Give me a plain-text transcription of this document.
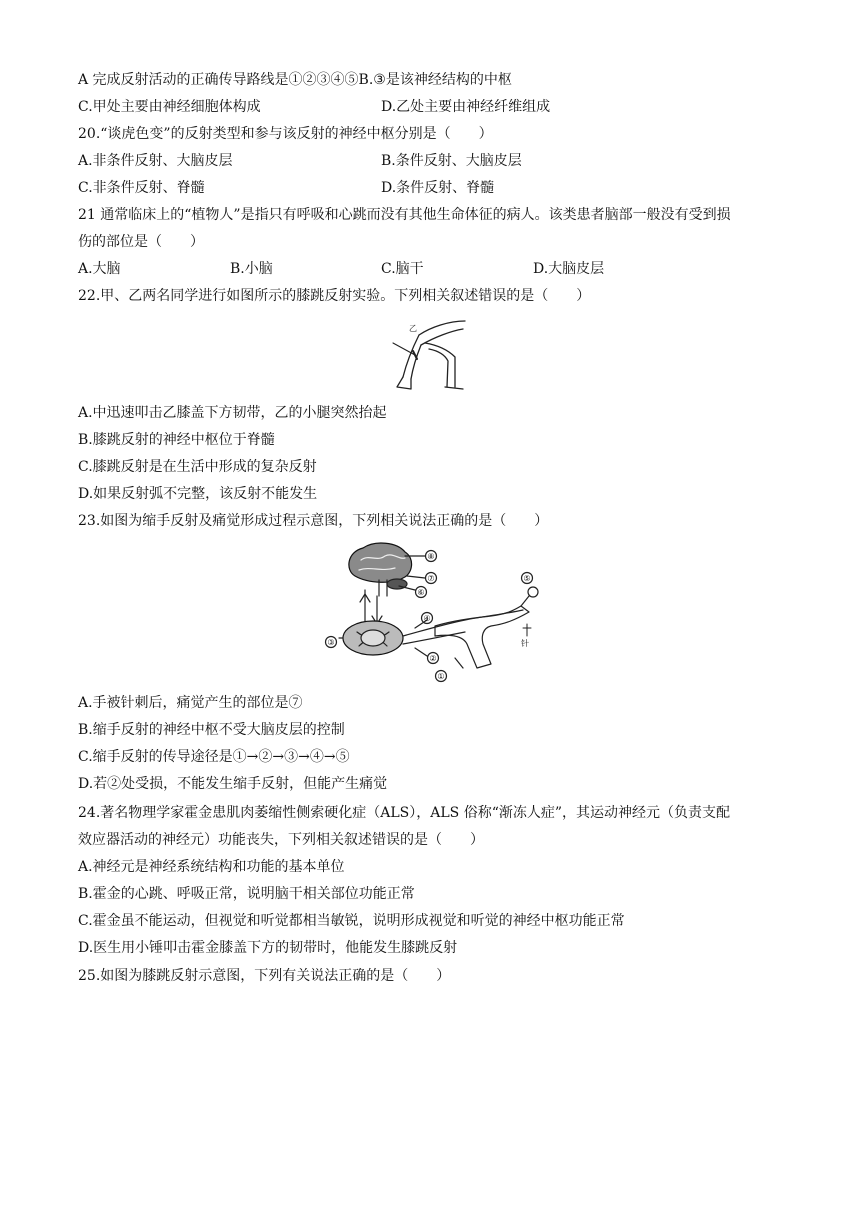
A 完成反射活动的正确传导路线是①②③④⑤B.③是该神经结构的中枢
C.甲处主要由神经细胞体构成	D.乙处主要由神经纤维组成
20.“谈虎色变”的反射类型和参与该反射的神经中枢分别是（　　）
A.非条件反射、大脑皮层	B.条件反射、大脑皮层
C.非条件反射、脊髓	D.条件反射、脊髓
21 通常临床上的“植物人”是指只有呼吸和心跳而没有其他生命体征的病人。该类患者脑部一般没有受到损
伤的部位是（　　）
A.大脑	B.小脑	C.脑干	D.大脑皮层
22.甲、乙两名同学进行如图所示的膝跳反射实验。下列相关叙述错误的是（　　）
乙
A.中迅速叩击乙膝盖下方韧带，乙的小腿突然抬起
B.膝跳反射的神经中枢位于脊髓
C.膝跳反射是在生活中形成的复杂反射
D.如果反射弧不完整，该反射不能发生
23.如图为缩手反射及痛觉形成过程示意图，下列相关说法正确的是（　　）
⑧
⑦
⑥
③
④
②
①
⑤
针
A.手被针刺后，痛觉产生的部位是⑦
B.缩手反射的神经中枢不受大脑皮层的控制
C.缩手反射的传导途径是①→②→③→④→⑤
D.若②处受损，不能发生缩手反射，但能产生痛觉
24.著名物理学家霍金患肌肉萎缩性侧索硬化症（ALS），ALS 俗称“渐冻人症”，其运动神经元（负责支配
效应器活动的神经元）功能丧失，下列相关叙述错误的是（　　）
A.神经元是神经系统结构和功能的基本单位
B.霍金的心跳、呼吸正常，说明脑干相关部位功能正常
C.霍金虽不能运动，但视觉和听觉都相当敏锐，说明形成视觉和听觉的神经中枢功能正常
D.医生用小锤叩击霍金膝盖下方的韧带时，他能发生膝跳反射
25.如图为膝跳反射示意图，下列有关说法正确的是（　　）
